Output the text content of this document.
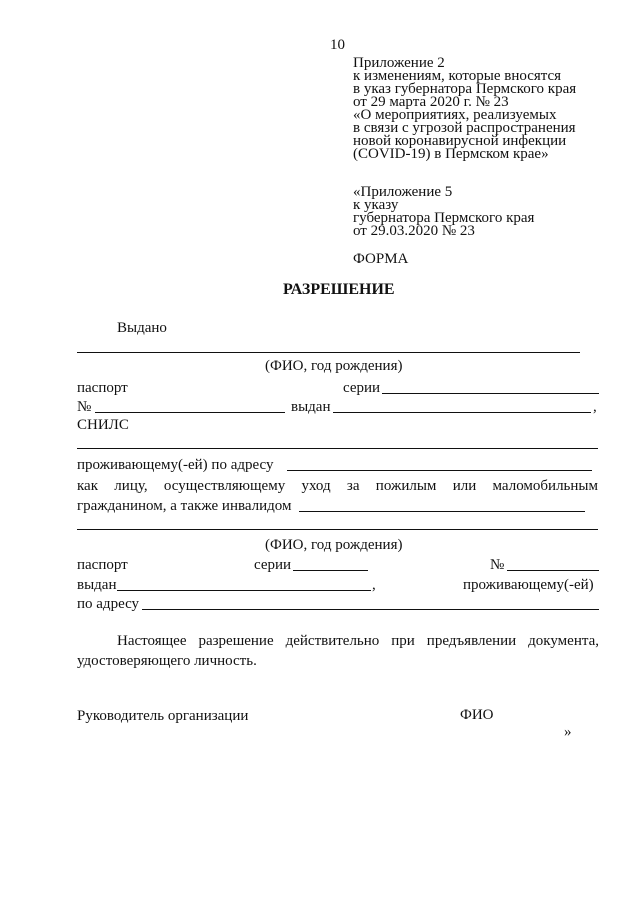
10
Приложение 2
к изменениям, которые вносятся
в указ губернатора Пермского края
от 29 марта 2020 г. № 23
«О мероприятиях, реализуемых
в связи с угрозой распространения
новой коронавирусной инфекции
(COVID-19) в Пермском крае»
«Приложение 5
к указу
губернатора Пермского края
от 29.03.2020 № 23
ФОРМА
РАЗРЕШЕНИЕ
Выдано
(ФИО, год рождения)
паспорт	серии
№	выдан	,
СНИЛС
проживающему(-ей) по адресу
как лицу, осуществляющему уход за пожилым или маломобильным
гражданином, а также инвалидом
(ФИО, год рождения)
паспорт	серии	№
выдан	,	проживающему(-ей)
по адресу
Настоящее разрешение действительно при предъявлении документа,
удостоверяющего личность.
Руководитель организации	ФИО
»
